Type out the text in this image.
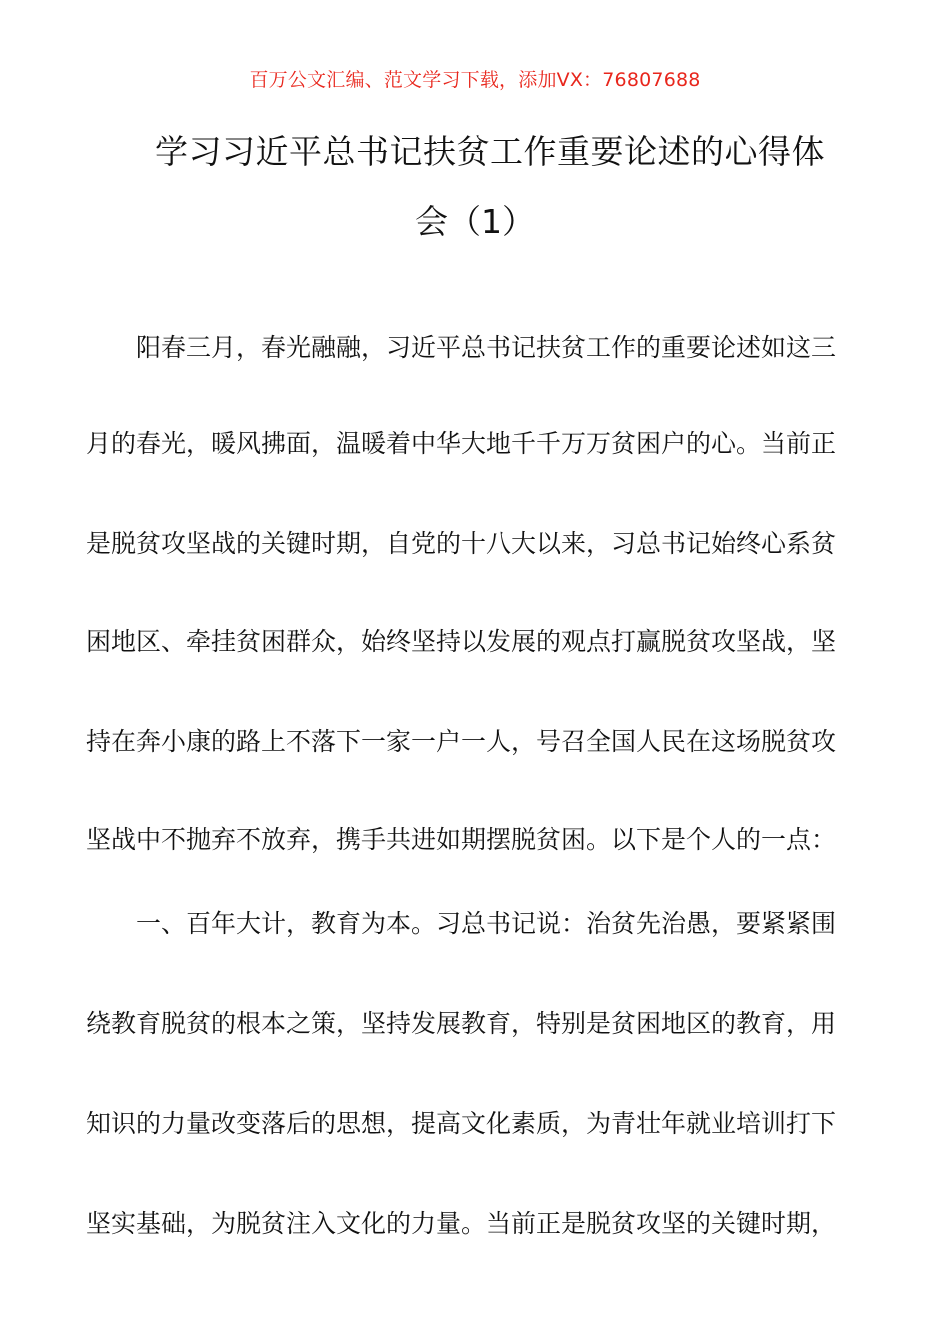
百万公文汇编、范文学习下载，添加VX：76807688
学习习近平总书记扶贫工作重要论述的心得体
会（1）
阳春三月，春光融融，习近平总书记扶贫工作的重要论述如这三
月的春光，暖风拂面，温暖着中华大地千千万万贫困户的心。当前正
是脱贫攻坚战的关键时期，自党的十八大以来，习总书记始终心系贫
困地区、牵挂贫困群众，始终坚持以发展的观点打赢脱贫攻坚战，坚
持在奔小康的路上不落下一家一户一人，号召全国人民在这场脱贫攻
坚战中不抛弃不放弃，携手共进如期摆脱贫困。以下是个人的一点：
一、百年大计，教育为本。习总书记说：治贫先治愚，要紧紧围
绕教育脱贫的根本之策，坚持发展教育，特别是贫困地区的教育，用
知识的力量改变落后的思想，提高文化素质，为青壮年就业培训打下
坚实基础，为脱贫注入文化的力量。当前正是脱贫攻坚的关键时期，
